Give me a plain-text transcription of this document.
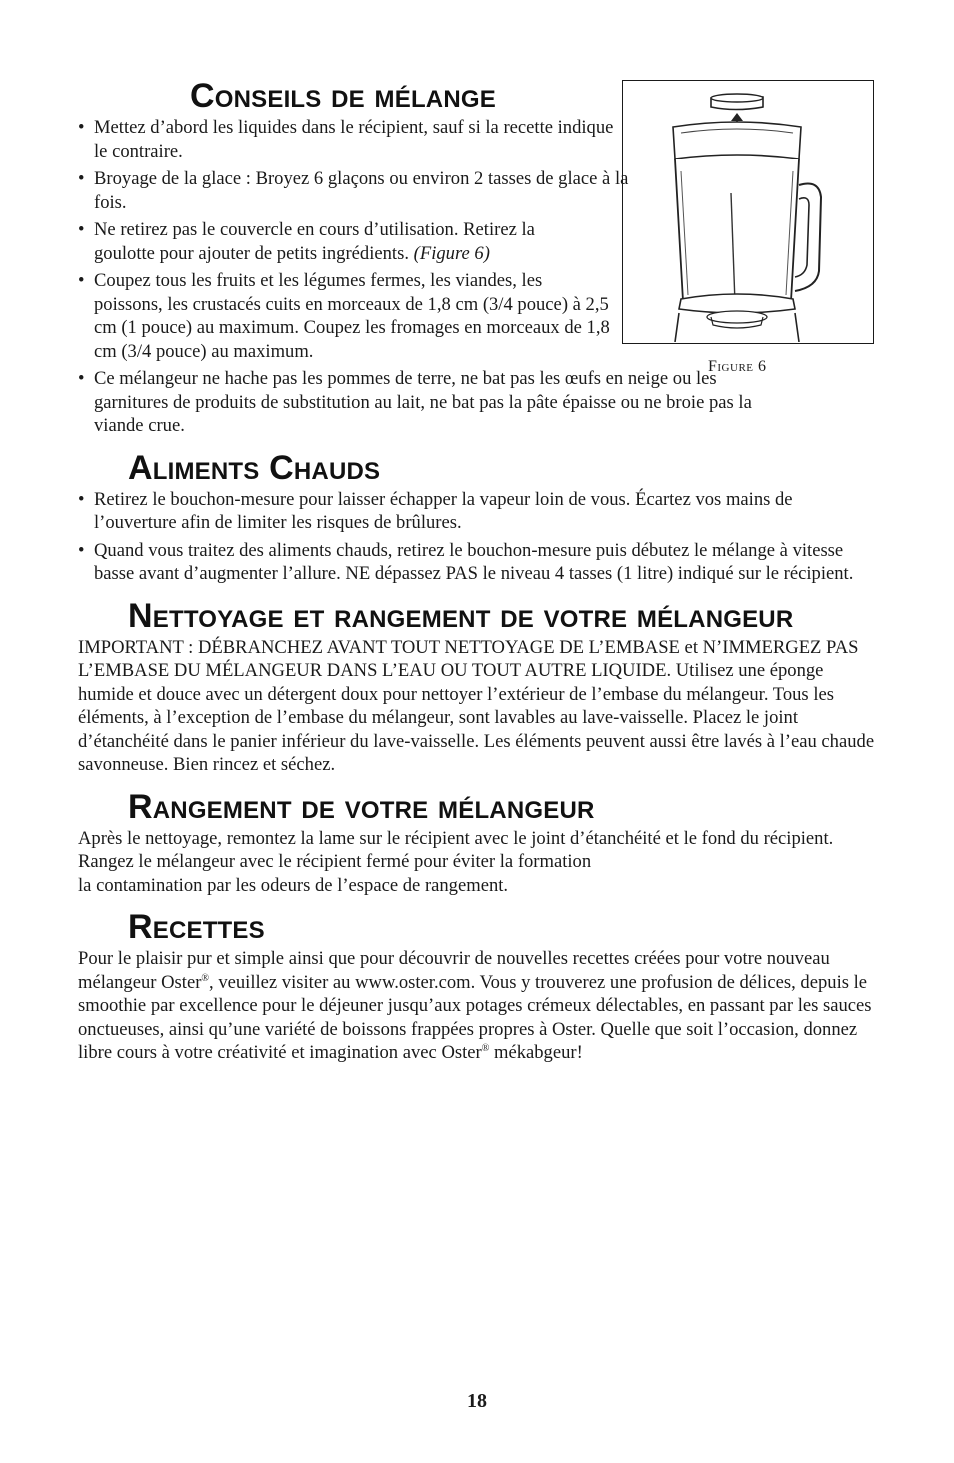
Figure 6
Conseils de mélange
• Mettez d’abord les liquides dans le récipient, sauf si la recette indique le contraire.
• Broyage de la glace : Broyez 6 glaçons ou environ 2 tasses de glace à la fois.
• Ne retirez pas le couvercle en cours d’utilisation. Retirez la goulotte pour ajouter de petits ingrédients. (Figure 6)
• Coupez tous les fruits et les légumes fermes, les viandes, les poissons, les crustacés cuits en morceaux de 1,8 cm (3/4 pouce) à 2,5 cm (1 pouce) au maximum. Coupez les fromages en morceaux de 1,8 cm (3/4 pouce) au maximum.
• Ce mélangeur ne hache pas les pommes de terre, ne bat pas les œufs en neige ou les garnitures de produits de substitution au lait, ne bat pas la pâte épaisse ou ne broie pas la viande crue.
Aliments Chauds
• Retirez le bouchon-mesure pour laisser échapper la vapeur loin de vous. Écartez vos mains de l’ouverture afin de limiter les risques de brûlures.
• Quand vous traitez des aliments chauds, retirez le bouchon-mesure puis débutez le mélange à vitesse basse avant d’augmenter l’allure. NE dépassez PAS le niveau 4 tasses (1 litre) indiqué sur le récipient.
Nettoyage et rangement de votre mélangeur

IMPORTANT : DÉBRANCHEZ AVANT TOUT NETTOYAGE DE L’EMBASE et N’IMMERGEZ PAS L’EMBASE DU MÉLANGEUR DANS L’EAU OU TOUT AUTRE LIQUIDE. Utilisez une éponge humide et douce avec un détergent doux pour nettoyer l’extérieur de l’embase du mélangeur. Tous les éléments, à l’exception de l’embase du mélangeur, sont lavables au lave-vaisselle. Placez le joint d’étanchéité dans le panier inférieur du lave-vaisselle. Les éléments peuvent aussi être lavés à l’eau chaude savonneuse. Bien rincez et séchez.

Rangement de votre mélangeur

Après le nettoyage, remontez la lame sur le récipient avec le joint d’étanchéité et le fond du récipient. Rangez le mélangeur avec le récipient fermé pour éviter la formation
la contamination par les odeurs de l’espace de rangement.

Recettes

Pour le plaisir pur et simple ainsi que pour découvrir de nouvelles recettes créées pour votre nouveau mélangeur Oster®, veuillez visiter au www.oster.com. Vous y trouverez une profusion de délices, depuis le smoothie par excellence pour le déjeuner jusqu’aux potages crémeux délectables, en passant par les sauces onctueuses, ainsi qu’une variété de boissons frappées propres à Oster. Quelle que soit l’occasion, donnez libre cours à votre créativité et imagination avec Oster® mékabgeur!

18
